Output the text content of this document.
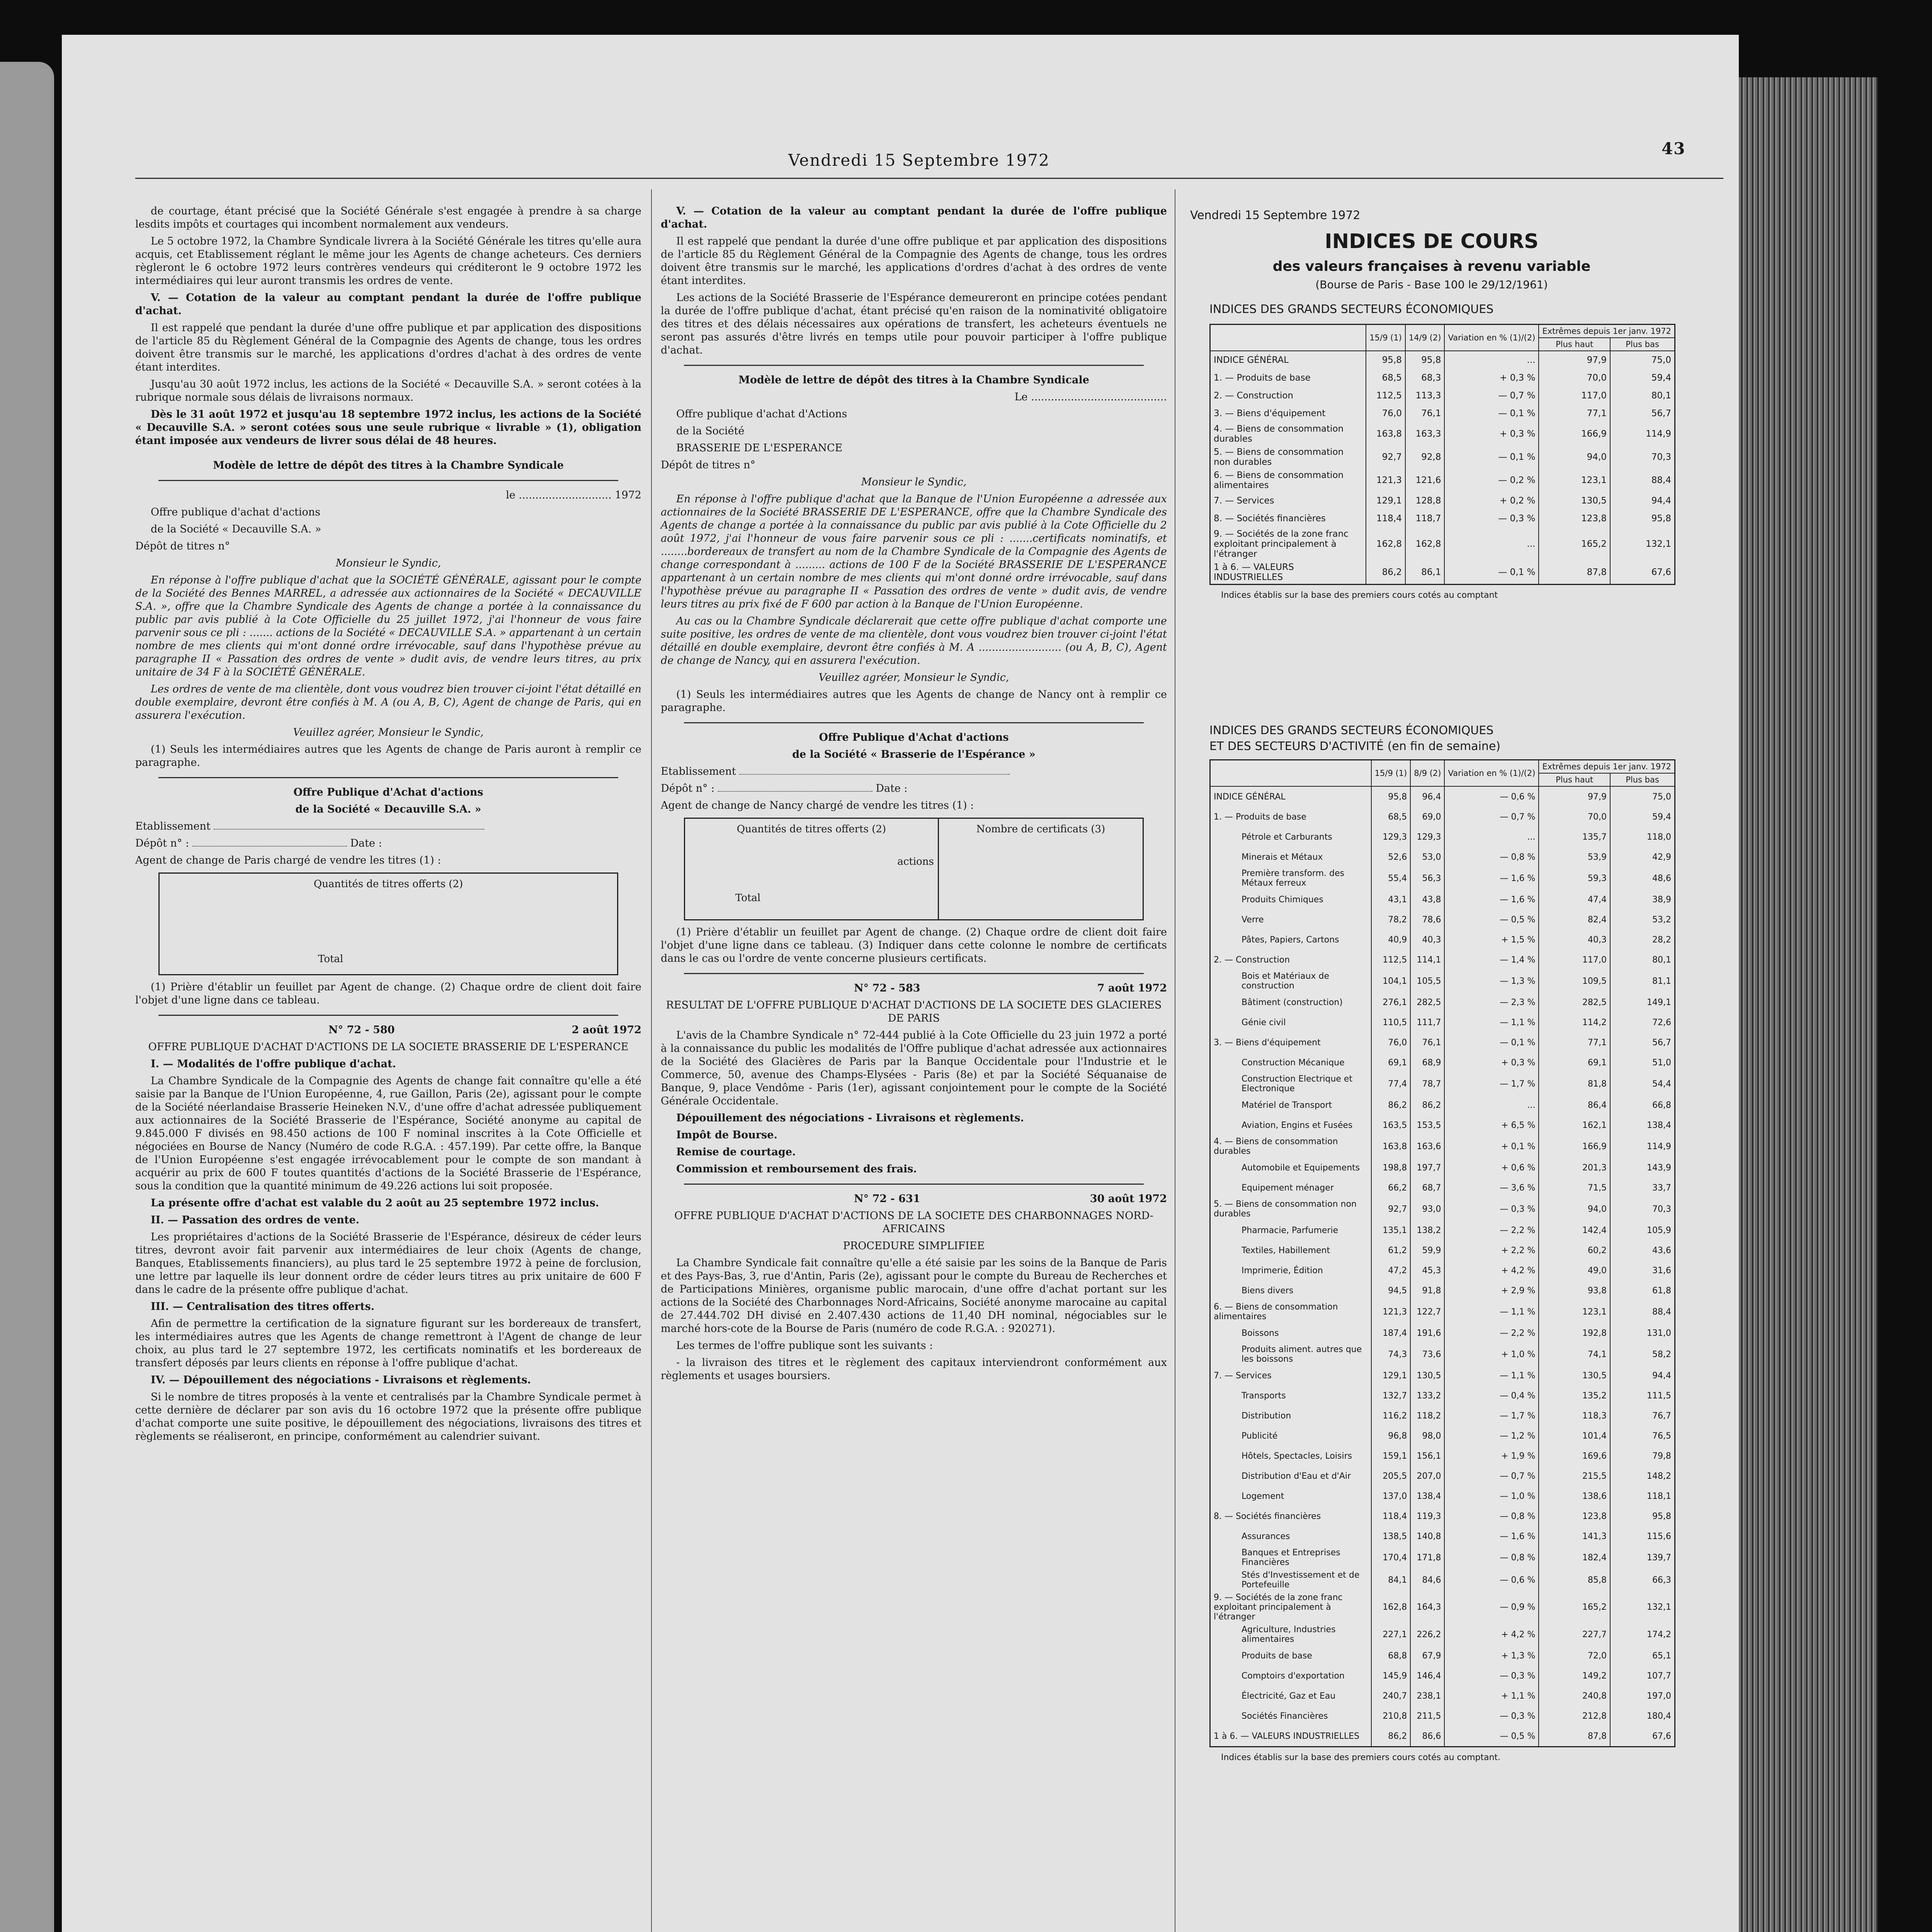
Vendredi 15 Septembre 1972
43

de courtage, étant précisé que la Société Générale s'est engagée à prendre à sa charge lesdits impôts et courtages qui incombent normalement aux vendeurs.

Le 5 octobre 1972, la Chambre Syndicale livrera à la Société Générale les titres qu'elle aura acquis, cet Etablissement réglant le même jour les Agents de change acheteurs. Ces derniers règleront le 6 octobre 1972 leurs contrères vendeurs qui créditeront le 9 octobre 1972 les intermédiaires qui leur auront transmis les ordres de vente.

V. — Cotation de la valeur au comptant pendant la durée de l'offre publique d'achat.

Il est rappelé que pendant la durée d'une offre publique et par application des dispositions de l'article 85 du Règlement Général de la Compagnie des Agents de change, tous les ordres doivent être transmis sur le marché, les applications d'ordres d'achat à des ordres de vente étant interdites.

Jusqu'au 30 août 1972 inclus, les actions de la Société « Decauville S.A. » seront cotées à la rubrique normale sous délais de livraisons normaux.

Dès le 31 août 1972 et jusqu'au 18 septembre 1972 inclus, les actions de la Société « Decauville S.A. » seront cotées sous une seule rubrique « livrable » (1), obligation étant imposée aux vendeurs de livrer sous délai de 48 heures.

Modèle de lettre de dépôt des titres à la Chambre Syndicale

le ............................ 1972

Offre publique d'achat d'actions

de la Société « Decauville S.A. »

Dépôt de titres n°

Monsieur le Syndic,

En réponse à l'offre publique d'achat que la SOCIÉTÉ GÉNÉRALE, agissant pour le compte de la Société des Bennes MARREL, a adressée aux actionnaires de la Société « DECAUVILLE S.A. », offre que la Chambre Syndicale des Agents de change a portée à la connaissance du public par avis publié à la Cote Officielle du 25 juillet 1972, j'ai l'honneur de vous faire parvenir sous ce pli : ....... actions de la Société « DECAUVILLE S.A. » appartenant à un certain nombre de mes clients qui m'ont donné ordre irrévocable, sauf dans l'hypothèse prévue au paragraphe II « Passation des ordres de vente » dudit avis, de vendre leurs titres, au prix unitaire de 34 F à la SOCIÉTÉ GÉNÉRALE.

Les ordres de vente de ma clientèle, dont vous voudrez bien trouver ci-joint l'état détaillé en double exemplaire, devront être confiés à M. A (ou A, B, C), Agent de change de Paris, qui en assurera l'exécution.

Veuillez agréer, Monsieur le Syndic,

(1) Seuls les intermédiaires autres que les Agents de change de Paris auront à remplir ce paragraphe.

Offre Publique d'Achat d'actions

de la Société « Decauville S.A. »

Etablissement

Dépôt n° :	Date :

Agent de change de Paris chargé de vendre les titres (1) :

Quantités de titres offerts (2)
Total

(1) Prière d'établir un feuillet par Agent de change. (2) Chaque ordre de client doit faire l'objet d'une ligne dans ce tableau.

N° 72 - 580	2 août 1972

OFFRE PUBLIQUE D'ACHAT D'ACTIONS DE LA SOCIETE BRASSERIE DE L'ESPERANCE

I. — Modalités de l'offre publique d'achat.

La Chambre Syndicale de la Compagnie des Agents de change fait connaître qu'elle a été saisie par la Banque de l'Union Européenne, 4, rue Gaillon, Paris (2e), agissant pour le compte de la Société néerlandaise Brasserie Heineken N.V., d'une offre d'achat adressée publiquement aux actionnaires de la Société Brasserie de l'Espérance, Société anonyme au capital de 9.845.000 F divisés en 98.450 actions de 100 F nominal inscrites à la Cote Officielle et négociées en Bourse de Nancy (Numéro de code R.G.A. : 457.199). Par cette offre, la Banque de l'Union Européenne s'est engagée irrévocablement pour le compte de son mandant à acquérir au prix de 600 F toutes quantités d'actions de la Société Brasserie de l'Espérance, sous la condition que la quantité minimum de 49.226 actions lui soit proposée.

La présente offre d'achat est valable du 2 août au 25 septembre 1972 inclus.

II. — Passation des ordres de vente.

Les propriétaires d'actions de la Société Brasserie de l'Espérance, désireux de céder leurs titres, devront avoir fait parvenir aux intermédiaires de leur choix (Agents de change, Banques, Etablissements financiers), au plus tard le 25 septembre 1972 à peine de forclusion, une lettre par laquelle ils leur donnent ordre de céder leurs titres au prix unitaire de 600 F dans le cadre de la présente offre publique d'achat.

III. — Centralisation des titres offerts.

Afin de permettre la certification de la signature figurant sur les bordereaux de transfert, les intermédiaires autres que les Agents de change remettront à l'Agent de change de leur choix, au plus tard le 27 septembre 1972, les certificats nominatifs et les bordereaux de transfert déposés par leurs clients en réponse à l'offre publique d'achat.

IV. — Dépouillement des négociations - Livraisons et règlements.

Si le nombre de titres proposés à la vente et centralisés par la Chambre Syndicale permet à cette dernière de déclarer par son avis du 16 octobre 1972 que la présente offre publique d'achat comporte une suite positive, le dépouillement des négociations, livraisons des titres et règlements se réaliseront, en principe, conformément au calendrier suivant.

V. — Cotation de la valeur au comptant pendant la durée de l'offre publique d'achat.

Il est rappelé que pendant la durée d'une offre publique et par application des dispositions de l'article 85 du Règlement Général de la Compagnie des Agents de change, tous les ordres doivent être transmis sur le marché, les applications d'ordres d'achat à des ordres de vente étant interdites.

Les actions de la Société Brasserie de l'Espérance demeureront en principe cotées pendant la durée de l'offre publique d'achat, étant précisé qu'en raison de la nominativité obligatoire des titres et des délais nécessaires aux opérations de transfert, les acheteurs éventuels ne seront pas assurés d'être livrés en temps utile pour pouvoir participer à l'offre publique d'achat.

Modèle de lettre de dépôt des titres à la Chambre Syndicale

Le .........................................

Offre publique d'achat d'Actions

de la Société

BRASSERIE DE L'ESPERANCE

Dépôt de titres n°

Monsieur le Syndic,

En réponse à l'offre publique d'achat que la Banque de l'Union Européenne a adressée aux actionnaires de la Société BRASSERIE DE L'ESPERANCE, offre que la Chambre Syndicale des Agents de change a portée à la connaissance du public par avis publié à la Cote Officielle du 2 août 1972, j'ai l'honneur de vous faire parvenir sous ce pli : .......certificats nominatifs, et ........bordereaux de transfert au nom de la Chambre Syndicale de la Compagnie des Agents de change correspondant à ......... actions de 100 F de la Société BRASSERIE DE L'ESPERANCE appartenant à un certain nombre de mes clients qui m'ont donné ordre irrévocable, sauf dans l'hypothèse prévue au paragraphe II « Passation des ordres de vente » dudit avis, de vendre leurs titres au prix fixé de F 600 par action à la Banque de l'Union Européenne.

Au cas ou la Chambre Syndicale déclarerait que cette offre publique d'achat comporte une suite positive, les ordres de vente de ma clientèle, dont vous voudrez bien trouver ci-joint l'état détaillé en double exemplaire, devront être confiés à M. A ......................... (ou A, B, C), Agent de change de Nancy, qui en assurera l'exécution.

Veuillez agréer, Monsieur le Syndic,

(1) Seuls les intermédiaires autres que les Agents de change de Nancy ont à remplir ce paragraphe.

Offre Publique d'Achat d'actions

de la Société « Brasserie de l'Espérance »

Etablissement

Dépôt n° :	Date :

Agent de change de Nancy chargé de vendre les titres (1) :

Quantités de titres offerts (2)
actions
Total
Nombre de certificats (3)

(1) Prière d'établir un feuillet par Agent de change. (2) Chaque ordre de client doit faire l'objet d'une ligne dans ce tableau. (3) Indiquer dans cette colonne le nombre de certificats dans le cas ou l'ordre de vente concerne plusieurs certificats.

N° 72 - 583	7 août 1972

RESULTAT DE L'OFFRE PUBLIQUE D'ACHAT D'ACTIONS DE LA SOCIETE DES GLACIERES DE PARIS

L'avis de la Chambre Syndicale n° 72-444 publié à la Cote Officielle du 23 juin 1972 a porté à la connaissance du public les modalités de l'Offre publique d'achat adressée aux actionnaires de la Société des Glacières de Paris par la Banque Occidentale pour l'Industrie et le Commerce, 50, avenue des Champs-Elysées - Paris (8e) et par la Société Séquanaise de Banque, 9, place Vendôme - Paris (1er), agissant conjointement pour le compte de la Société Générale Occidentale.

Dépouillement des négociations - Livraisons et règlements.

Impôt de Bourse.

Remise de courtage.

Commission et remboursement des frais.

N° 72 - 631	30 août 1972

OFFRE PUBLIQUE D'ACHAT D'ACTIONS DE LA SOCIETE DES CHARBONNAGES NORD-AFRICAINS

PROCEDURE SIMPLIFIEE

La Chambre Syndicale fait connaître qu'elle a été saisie par les soins de la Banque de Paris et des Pays-Bas, 3, rue d'Antin, Paris (2e), agissant pour le compte du Bureau de Recherches et de Participations Minières, organisme public marocain, d'une offre d'achat portant sur les actions de la Société des Charbonnages Nord-Africains, Société anonyme marocaine au capital de 27.444.702 DH divisé en 2.407.430 actions de 11,40 DH nominal, négociables sur le marché hors-cote de la Bourse de Paris (numéro de code R.G.A. : 920271).

Les termes de l'offre publique sont les suivants :

- la livraison des titres et le règlement des capitaux interviendront conformément aux règlements et usages boursiers.

Vendredi 15 Septembre 1972
INDICES DE COURS
des valeurs françaises à revenu variable
(Bourse de Paris - Base 100 le 29/12/1961)
INDICES DES GRANDS SECTEURS ÉCONOMIQUES
	15/9 (1)	14/9 (2)	Variation en % (1)/(2)	Extrêmes depuis 1er janv. 1972	
				Plus haut	Plus bas
INDICE GÉNÉRAL	95,8	95,8	...	97,9	75,0
1. — Produits de base	68,5	68,3	+ 0,3 %	70,0	59,4
2. — Construction	112,5	113,3	— 0,7 %	117,0	80,1
3. — Biens d'équipement	76,0	76,1	— 0,1 %	77,1	56,7
4. — Biens de consommation durables	163,8	163,3	+ 0,3 %	166,9	114,9
5. — Biens de consommation non durables	92,7	92,8	— 0,1 %	94,0	70,3
6. — Biens de consommation alimentaires	121,3	121,6	— 0,2 %	123,1	88,4
7. — Services	129,1	128,8	+ 0,2 %	130,5	94,4
8. — Sociétés financières	118,4	118,7	— 0,3 %	123,8	95,8
9. — Sociétés de la zone franc exploitant principalement à l'étranger	162,8	162,8	...	165,2	132,1
1 à 6. — VALEURS INDUSTRIELLES	86,2	86,1	— 0,1 %	87,8	67,6
Indices établis sur la base des premiers cours cotés au comptant
INDICES DES GRANDS SECTEURS ÉCONOMIQUES
ET DES SECTEURS D'ACTIVITÉ (en fin de semaine)
	15/9 (1)	8/9 (2)	Variation en % (1)/(2)	Extrêmes depuis 1er janv. 1972	
				Plus haut	Plus bas
INDICE GÉNÉRAL	95,8	96,4	— 0,6 %	97,9	75,0
1. — Produits de base	68,5	69,0	— 0,7 %	70,0	59,4
Pétrole et Carburants	129,3	129,3	...	135,7	118,0
Minerais et Métaux	52,6	53,0	— 0,8 %	53,9	42,9
Première transform. des Métaux ferreux	55,4	56,3	— 1,6 %	59,3	48,6
Produits Chimiques	43,1	43,8	— 1,6 %	47,4	38,9
Verre	78,2	78,6	— 0,5 %	82,4	53,2
Pâtes, Papiers, Cartons	40,9	40,3	+ 1,5 %	40,3	28,2
2. — Construction	112,5	114,1	— 1,4 %	117,0	80,1
Bois et Matériaux de construction	104,1	105,5	— 1,3 %	109,5	81,1
Bâtiment (construction)	276,1	282,5	— 2,3 %	282,5	149,1
Génie civil	110,5	111,7	— 1,1 %	114,2	72,6
3. — Biens d'équipement	76,0	76,1	— 0,1 %	77,1	56,7
Construction Mécanique	69,1	68,9	+ 0,3 %	69,1	51,0
Construction Electrique et Electronique	77,4	78,7	— 1,7 %	81,8	54,4
Matériel de Transport	86,2	86,2	...	86,4	66,8
Aviation, Engins et Fusées	163,5	153,5	+ 6,5 %	162,1	138,4
4. — Biens de consommation durables	163,8	163,6	+ 0,1 %	166,9	114,9
Automobile et Equipements	198,8	197,7	+ 0,6 %	201,3	143,9
Equipement ménager	66,2	68,7	— 3,6 %	71,5	33,7
5. — Biens de consommation non durables	92,7	93,0	— 0,3 %	94,0	70,3
Pharmacie, Parfumerie	135,1	138,2	— 2,2 %	142,4	105,9
Textiles, Habillement	61,2	59,9	+ 2,2 %	60,2	43,6
Imprimerie, Édition	47,2	45,3	+ 4,2 %	49,0	31,6
Biens divers	94,5	91,8	+ 2,9 %	93,8	61,8
6. — Biens de consommation alimentaires	121,3	122,7	— 1,1 %	123,1	88,4
Boissons	187,4	191,6	— 2,2 %	192,8	131,0
Produits aliment. autres que les boissons	74,3	73,6	+ 1,0 %	74,1	58,2
7. — Services	129,1	130,5	— 1,1 %	130,5	94,4
Transports	132,7	133,2	— 0,4 %	135,2	111,5
Distribution	116,2	118,2	— 1,7 %	118,3	76,7
Publicité	96,8	98,0	— 1,2 %	101,4	76,5
Hôtels, Spectacles, Loisirs	159,1	156,1	+ 1,9 %	169,6	79,8
Distribution d'Eau et d'Air	205,5	207,0	— 0,7 %	215,5	148,2
Logement	137,0	138,4	— 1,0 %	138,6	118,1
8. — Sociétés financières	118,4	119,3	— 0,8 %	123,8	95,8
Assurances	138,5	140,8	— 1,6 %	141,3	115,6
Banques et Entreprises Financières	170,4	171,8	— 0,8 %	182,4	139,7
Stés d'Investissement et de Portefeuille	84,1	84,6	— 0,6 %	85,8	66,3
9. — Sociétés de la zone franc exploitant principalement à l'étranger	162,8	164,3	— 0,9 %	165,2	132,1
Agriculture, Industries alimentaires	227,1	226,2	+ 4,2 %	227,7	174,2
Produits de base	68,8	67,9	+ 1,3 %	72,0	65,1
Comptoirs d'exportation	145,9	146,4	— 0,3 %	149,2	107,7
Électricité, Gaz et Eau	240,7	238,1	+ 1,1 %	240,8	197,0
Sociétés Financières	210,8	211,5	— 0,3 %	212,8	180,4
1 à 6. — VALEURS INDUSTRIELLES	86,2	86,6	— 0,5 %	87,8	67,6
Indices établis sur la base des premiers cours cotés au comptant.
